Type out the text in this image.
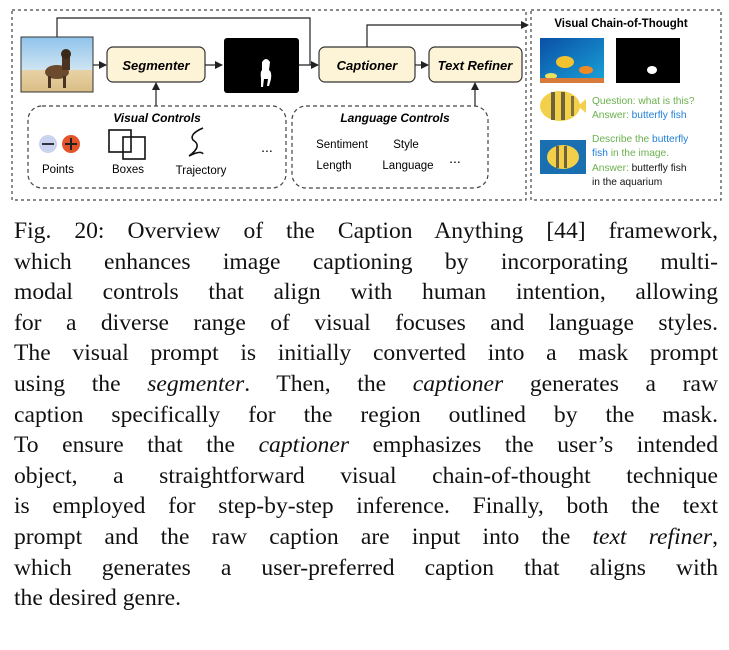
Segmenter	Captioner	Text Refiner
Visual Controls
Points	Boxes	Trajectory
...
Language Controls
Sentiment Style
Length	Language ...
Visual Chain-of-Thought
Question: what is this?
Answer: butterfly fish
Describe the butterfly
fish in the image.
Answer: butterfly fish
in the aquarium
Fig. 20: Overview of the Caption Anything [44] framework,
which enhances image captioning by incorporating multi-
modal controls that align with human intention, allowing
for a diverse range of visual focuses and language styles.
The visual prompt is initially converted into a mask prompt
using the segmenter. Then, the captioner generates a raw
caption specifically for the region outlined by the mask.
To ensure that the captioner emphasizes the user’s intended
object, a straightforward visual chain-of-thought technique
is employed for step-by-step inference. Finally, both the text
prompt and the raw caption are input into the text refiner,
which generates a user-preferred caption that aligns with
the desired genre.
